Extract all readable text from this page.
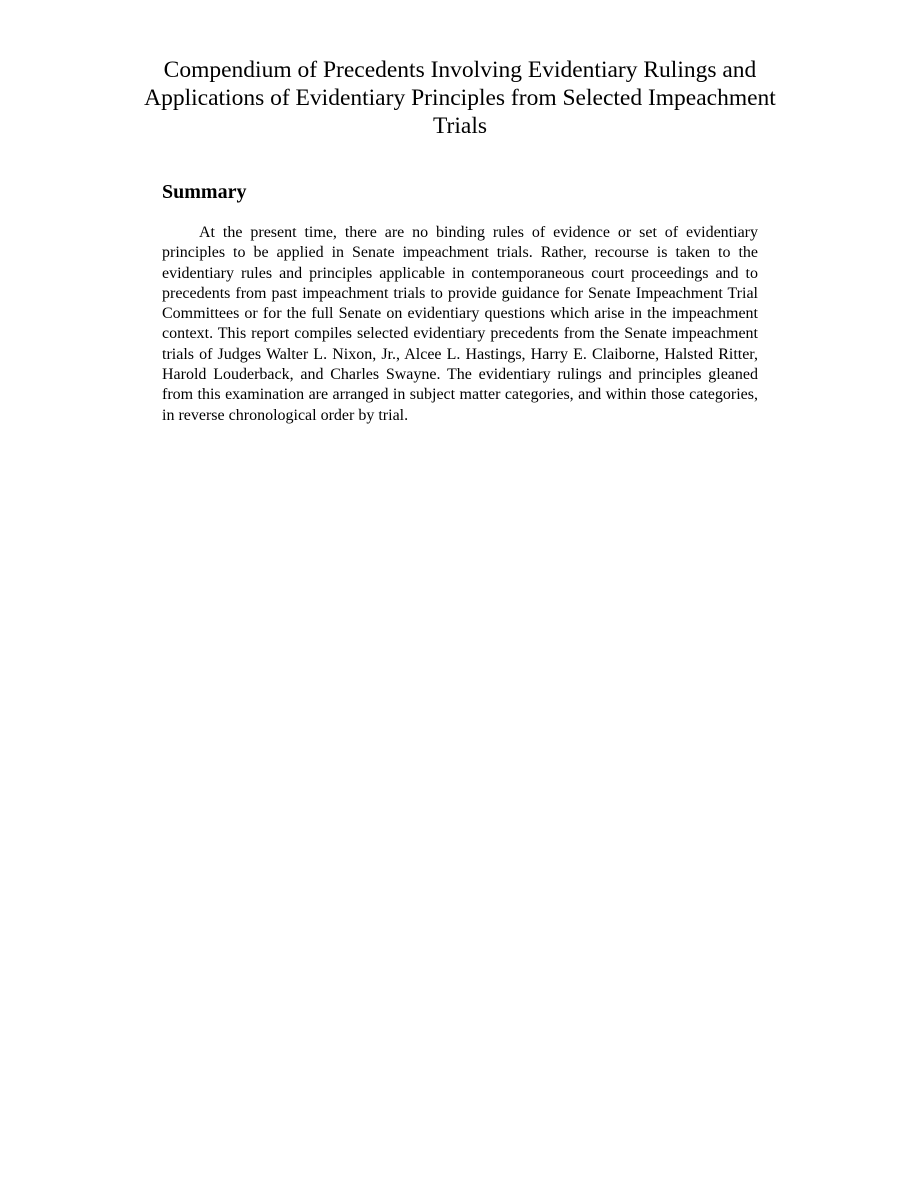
Compendium of Precedents Involving Evidentiary Rulings and Applications of Evidentiary Principles from Selected Impeachment Trials
Summary

At the present time, there are no binding rules of evidence or set of evidentiary principles to be applied in Senate impeachment trials. Rather, recourse is taken to the evidentiary rules and principles applicable in contemporaneous court proceedings and to precedents from past impeachment trials to provide guidance for Senate Impeachment Trial Committees or for the full Senate on evidentiary questions which arise in the impeachment context. This report compiles selected evidentiary precedents from the Senate impeachment trials of Judges Walter L. Nixon, Jr., Alcee L. Hastings, Harry E. Claiborne, Halsted Ritter, Harold Louderback, and Charles Swayne. The evidentiary rulings and principles gleaned from this examination are arranged in subject matter categories, and within those categories, in reverse chronological order by trial.
